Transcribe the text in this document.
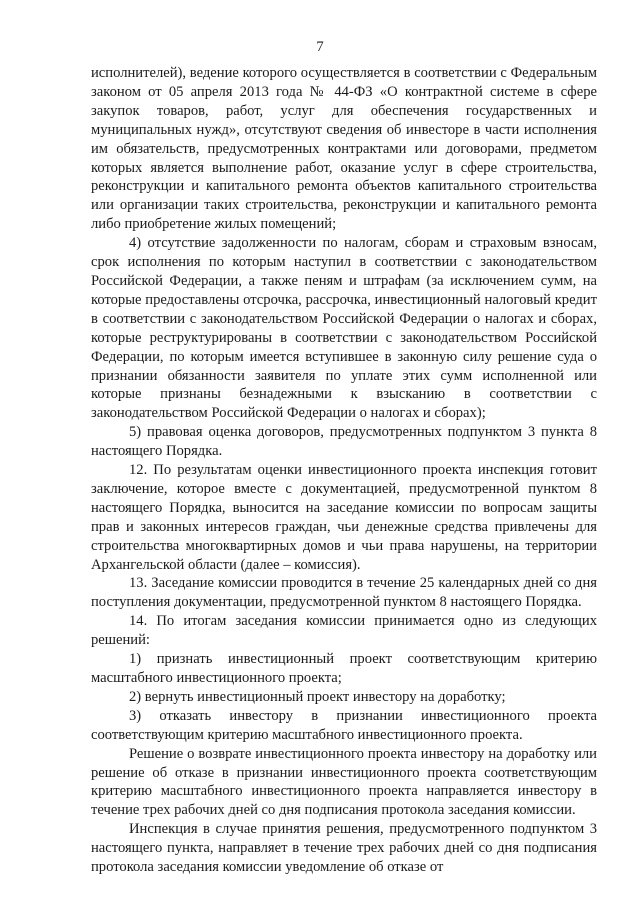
7

исполнителей), ведение которого осуществляется в соответствии с Федеральным законом от 05 апреля 2013 года № 44-ФЗ «О контрактной системе в сфере закупок товаров, работ, услуг для обеспечения государственных и муниципальных нужд», отсутствуют сведения об инвесторе в части исполнения им обязательств, предусмотренных контрактами или договорами, предметом которых является выполнение работ, оказание услуг в сфере строительства, реконструкции и капитального ремонта объектов капитального строительства или организации таких строительства, реконструкции и капитального ремонта либо приобретение жилых помещений;

4) отсутствие задолженности по налогам, сборам и страховым взносам, срок исполнения по которым наступил в соответствии с законодательством Российской Федерации, а также пеням и штрафам (за исключением сумм, на которые предоставлены отсрочка, рассрочка, инвестиционный налоговый кредит в соответствии с законодательством Российской Федерации о налогах и сборах, которые реструктурированы в соответствии с законодательством Российской Федерации, по которым имеется вступившее в законную силу решение суда о признании обязанности заявителя по уплате этих сумм исполненной или которые признаны безнадежными к взысканию в соответствии с законодательством Российской Федерации о налогах и сборах);

5) правовая оценка договоров, предусмотренных подпунктом 3 пункта 8 настоящего Порядка.

12. По результатам оценки инвестиционного проекта инспекция готовит заключение, которое вместе с документацией, предусмотренной пунктом 8 настоящего Порядка, выносится на заседание комиссии по вопросам защиты прав и законных интересов граждан, чьи денежные средства привлечены для строительства многоквартирных домов и чьи права нарушены, на территории Архангельской области (далее – комиссия).

13. Заседание комиссии проводится в течение 25 календарных дней со дня поступления документации, предусмотренной пунктом 8 настоящего Порядка.

14. По итогам заседания комиссии принимается одно из следующих решений:

1) признать инвестиционный проект соответствующим критерию масштабного инвестиционного проекта;

2) вернуть инвестиционный проект инвестору на доработку;

3) отказать инвестору в признании инвестиционного проекта соответствующим критерию масштабного инвестиционного проекта.

Решение о возврате инвестиционного проекта инвестору на доработку или решение об отказе в признании инвестиционного проекта соответствующим критерию масштабного инвестиционного проекта направляется инвестору в течение трех рабочих дней со дня подписания протокола заседания комиссии.

Инспекция в случае принятия решения, предусмотренного подпунктом 3 настоящего пункта, направляет в течение трех рабочих дней со дня подписания протокола заседания комиссии уведомление об отказе от
